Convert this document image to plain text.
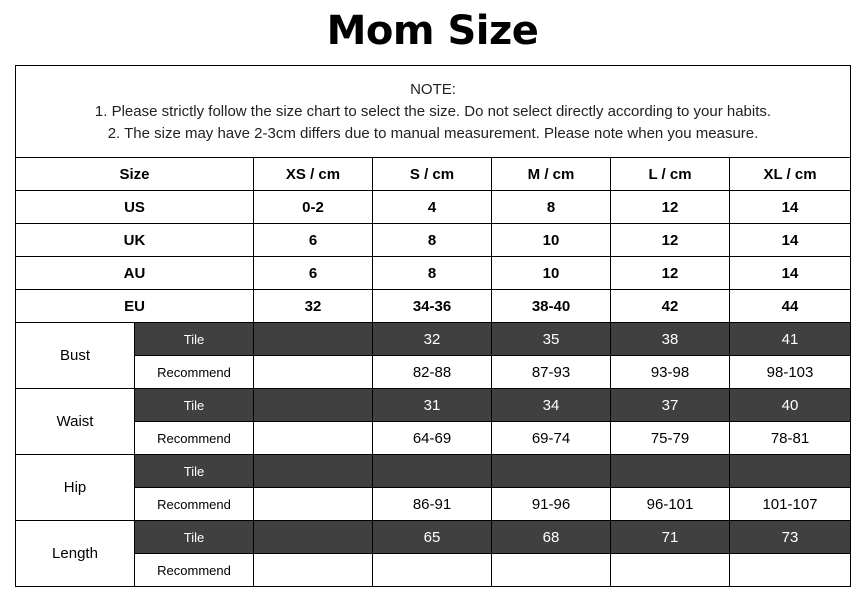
Mom Size
NOTE:
1. Please strictly follow the size chart to select the size. Do not select directly according to your habits.
2. The size may have 2-3cm differs due to manual measurement. Please note when you measure.						

Size		XS / cm	S / cm	M / cm	L / cm	XL / cm
US		0-2	4	8	12	14
UK		6	8	10	12	14
AU		6	8	10	12	14
EU		32	34-36	38-40	42	44
Bust	Tile		32	35	38	41
	Recommend		82-88	87-93	93-98	98-103
Waist	Tile		31	34	37	40
	Recommend		64-69	69-74	75-79	78-81
Hip	Tile					
	Recommend		86-91	91-96	96-101	101-107
Length	Tile		65	68	71	73
	Recommend					
